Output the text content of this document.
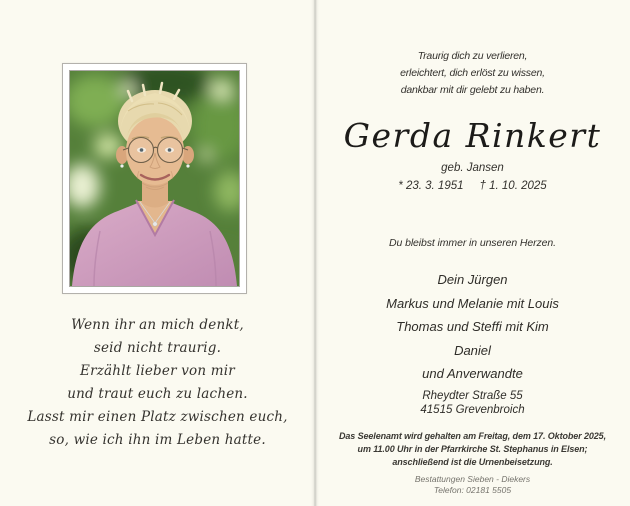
Wenn ihr an mich denkt,
seid nicht traurig.
Erzählt lieber von mir
und traut euch zu lachen.
Lasst mir einen Platz zwischen euch,
so, wie ich ihn im Leben hatte.
Traurig dich zu verlieren,
erleichtert, dich erlöst zu wissen,
dankbar mit dir gelebt zu haben.
Gerda Rinkert
geb. Jansen
* 23. 3. 1951 † 1. 10. 2025
Du bleibst immer in unseren Herzen.
Dein Jürgen
Markus und Melanie mit Louis
Thomas und Steffi mit Kim
Daniel
und Anverwandte
Rheydter Straße 55
41515 Grevenbroich
Das Seelenamt wird gehalten am Freitag, dem 17. Oktober 2025,
um 11.00 Uhr in der Pfarrkirche St. Stephanus in Elsen;
anschließend ist die Urnenbeisetzung.
Bestattungen Sieben - Diekers
Telefon: 02181 5505
